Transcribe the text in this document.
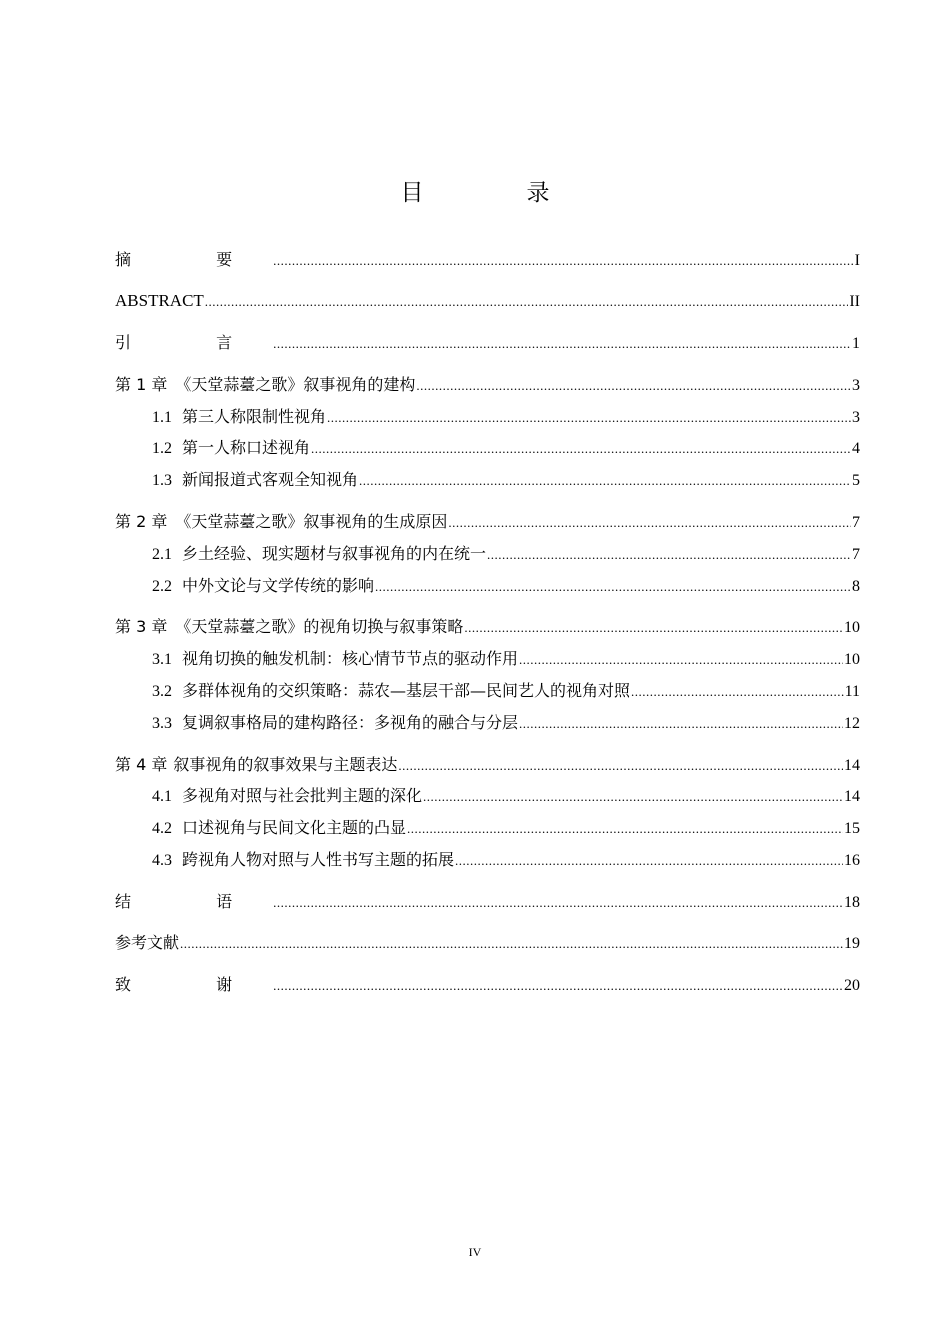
目　录
摘 要 .....	I
ABSTRACT .....	II
引 言 .....	1
第 1 章 《天堂蒜薹之歌》叙事视角的建构 .....	3
1.1 第三人称限制性视角 .....	3
1.2 第一人称口述视角 .....	4
1.3 新闻报道式客观全知视角 .....	5
第 2 章 《天堂蒜薹之歌》叙事视角的生成原因 .....	7
2.1 乡土经验、现实题材与叙事视角的内在统一 .....	7
2.2 中外文论与文学传统的影响 .....	8
第 3 章 《天堂蒜薹之歌》的视角切换与叙事策略 .....	10
3.1 视角切换的触发机制：核心情节节点的驱动作用 .....	10
3.2 多群体视角的交织策略：蒜农—基层干部—民间艺人的视角对照 .....	11
3.3 复调叙事格局的建构路径：多视角的融合与分层 .....	12
第 4 章 叙事视角的叙事效果与主题表达 .....	14
4.1 多视角对照与社会批判主题的深化 .....	14
4.2 口述视角与民间文化主题的凸显 .....	15
4.3 跨视角人物对照与人性书写主题的拓展 .....	16
结 语 .....	18
参考文献 .....	19
致 谢 .....	20
IV
